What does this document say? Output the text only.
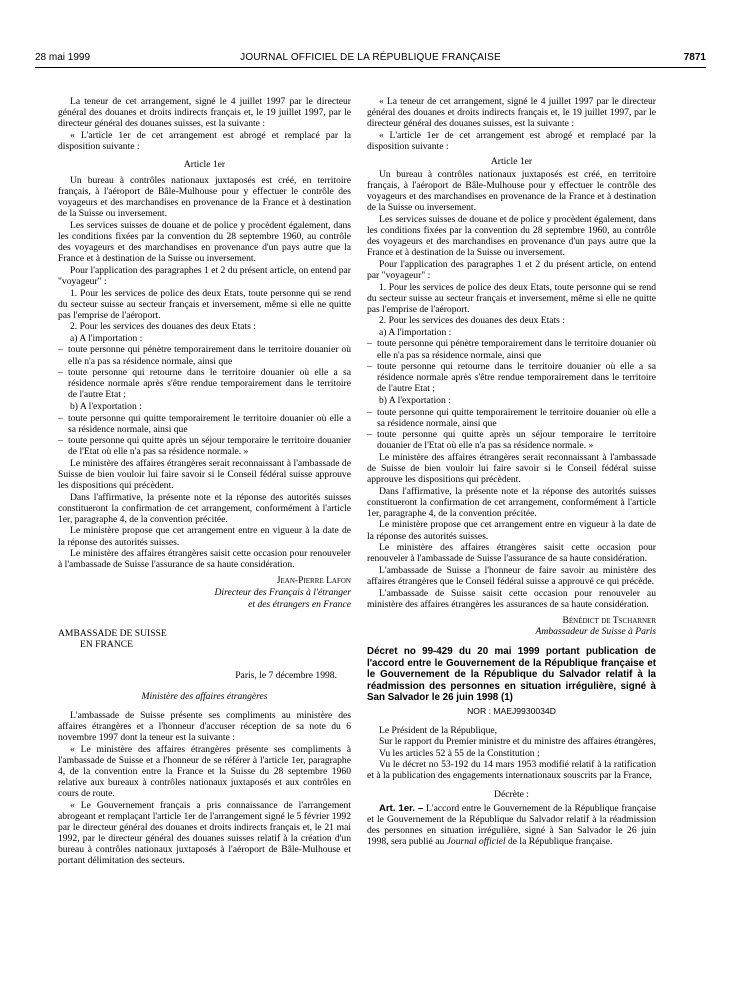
28 mai 1999	JOURNAL OFFICIEL DE LA RÉPUBLIQUE FRANÇAISE	7871

La teneur de cet arrangement, signé le 4 juillet 1997 par le directeur général des douanes et droits indirects français et, le 19 juillet 1997, par le directeur général des douanes suisses, est la suivante :

« L'article 1er de cet arrangement est abrogé et remplacé par la disposition suivante :

Article 1er

Un bureau à contrôles nationaux juxtaposés est créé, en territoire français, à l'aéroport de Bâle-Mulhouse pour y effectuer le contrôle des voyageurs et des marchandises en provenance de la France et à destination de la Suisse ou inversement.

Les services suisses de douane et de police y procèdent également, dans les conditions fixées par la convention du 28 septembre 1960, au contrôle des voyageurs et des marchandises en provenance d'un pays autre que la France et à destination de la Suisse ou inversement.

Pour l'application des paragraphes 1 et 2 du présent article, on entend par "voyageur" :

1. Pour les services de police des deux Etats, toute personne qui se rend du secteur suisse au secteur français et inversement, même si elle ne quitte pas l'emprise de l'aéroport.

2. Pour les services des douanes des deux Etats :

a) A l'importation :

– toute personne qui pénètre temporairement dans le territoire douanier où elle n'a pas sa résidence normale, ainsi que

– toute personne qui retourne dans le territoire douanier où elle a sa résidence normale après s'être rendue temporairement dans le territoire de l'autre Etat ;

b) A l'exportation :

– toute personne qui quitte temporairement le territoire douanier où elle a sa résidence normale, ainsi que

– toute personne qui quitte après un séjour temporaire le territoire douanier de l'Etat où elle n'a pas sa résidence normale. »

Le ministère des affaires étrangères serait reconnaissant à l'ambassade de Suisse de bien vouloir lui faire savoir si le Conseil fédéral suisse approuve les dispositions qui précèdent.

Dans l'affirmative, la présente note et la réponse des autorités suisses constitueront la confirmation de cet arrangement, conformément à l'article 1er, paragraphe 4, de la convention précitée.

Le ministère propose que cet arrangement entre en vigueur à la date de la réponse des autorités suisses.

Le ministère des affaires étrangères saisit cette occasion pour renouveler à l'ambassade de Suisse l'assurance de sa haute considération.

Jean-Pierre Lafon

Directeur des Français à l'étranger

et des étrangers en France

AMBASSADE DE SUISSE
EN FRANCE

Paris, le 7 décembre 1998.

Ministère des affaires étrangères

L'ambassade de Suisse présente ses compliments au ministère des affaires étrangères et a l'honneur d'accuser réception de sa note du 6 novembre 1997 dont la teneur est la suivante :

« Le ministère des affaires étrangères présente ses compliments à l'ambassade de Suisse et a l'honneur de se référer à l'article 1er, paragraphe 4, de la convention entre la France et la Suisse du 28 septembre 1960 relative aux bureaux à contrôles nationaux juxtaposés et aux contrôles en cours de route.

« Le Gouvernement français a pris connaissance de l'arrangement abrogeant et remplaçant l'article 1er de l'arrangement signé le 5 février 1992 par le directeur général des douanes et droits indirects français et, le 21 mai 1992, par le directeur général des douanes suisses relatif à la création d'un bureau à contrôles nationaux juxtaposés à l'aéroport de Bâle-Mulhouse et portant délimitation des secteurs.

« La teneur de cet arrangement, signé le 4 juillet 1997 par le directeur général des douanes et droits indirects français et, le 19 juillet 1997, par le directeur général des douanes suisses, est la suivante :

« L'article 1er de cet arrangement est abrogé et remplacé par la disposition suivante :

Article 1er

Un bureau à contrôles nationaux juxtaposés est créé, en territoire français, à l'aéroport de Bâle-Mulhouse pour y effectuer le contrôle des voyageurs et des marchandises en provenance de la France et à destination de la Suisse ou inversement.

Les services suisses de douane et de police y procèdent également, dans les conditions fixées par la convention du 28 septembre 1960, au contrôle des voyageurs et des marchandises en provenance d'un pays autre que la France et à destination de la Suisse ou inversement.

Pour l'application des paragraphes 1 et 2 du présent article, on entend par "voyageur" :

1. Pour les services de police des deux Etats, toute personne qui se rend du secteur suisse au secteur français et inversement, même si elle ne quitte pas l'emprise de l'aéroport.

2. Pour les services des douanes des deux Etats :

a) A l'importation :

– toute personne qui pénètre temporairement dans le territoire douanier où elle n'a pas sa résidence normale, ainsi que

– toute personne qui retourne dans le territoire douanier où elle a sa résidence normale après s'être rendue temporairement dans le territoire de l'autre Etat ;

b) A l'exportation :

– toute personne qui quitte temporairement le territoire douanier où elle a sa résidence normale, ainsi que

– toute personne qui quitte après un séjour temporaire le territoire douanier de l'Etat où elle n'a pas sa résidence normale. »

Le ministère des affaires étrangères serait reconnaissant à l'ambassade de Suisse de bien vouloir lui faire savoir si le Conseil fédéral suisse approuve les dispositions qui précèdent.

Dans l'affirmative, la présente note et la réponse des autorités suisses constitueront la confirmation de cet arrangement, conformément à l'article 1er, paragraphe 4, de la convention précitée.

Le ministère propose que cet arrangement entre en vigueur à la date de la réponse des autorités suisses.

Le ministère des affaires étrangères saisit cette occasion pour renouveler à l'ambassade de Suisse l'assurance de sa haute considération.

L'ambassade de Suisse a l'honneur de faire savoir au ministère des affaires étrangères que le Conseil fédéral suisse a approuvé ce qui précède.

L'ambassade de Suisse saisit cette occasion pour renouveler au ministère des affaires étrangères les assurances de sa haute considération.

Bénédict de Tscharner

Ambassadeur de Suisse à Paris

Décret no 99-429 du 20 mai 1999 portant publication de l'accord entre le Gouvernement de la République française et le Gouvernement de la République du Salvador relatif à la réadmission des personnes en situation irrégulière, signé à San Salvador le 26 juin 1998 (1)

NOR : MAEJ9930034D

Le Président de la République,

Sur le rapport du Premier ministre et du ministre des affaires étrangères,

Vu les articles 52 à 55 de la Constitution ;

Vu le décret no 53-192 du 14 mars 1953 modifié relatif à la ratification et à la publication des engagements internationaux souscrits par la France,

Décrète :

Art. 1er. – L'accord entre le Gouvernement de la République française et le Gouvernement de la République du Salvador relatif à la réadmission des personnes en situation irrégulière, signé à San Salvador le 26 juin 1998, sera publié au Journal officiel de la République française.
